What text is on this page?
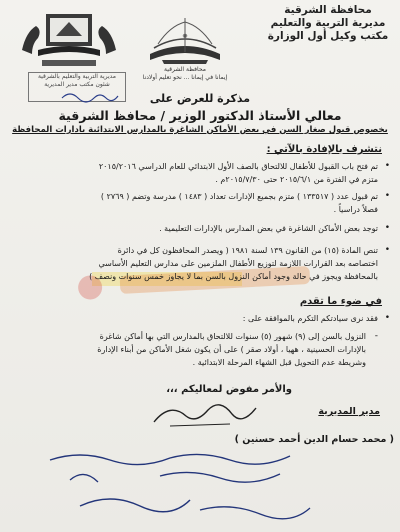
محافظة الشرقية
مديرية التربية والتعليم
مكتب وكيل أول الوزارة
❁
محافظة الشرقية
إيمانا في إيمانا ... نحو تعليم أولادنا
مديرية التربية والتعليم بالشرقية
شئون مكتب مدير المديرية
مذكرة للعرض على
معالي الأستاذ الدكتور الوزير / محافظ الشرقية
بخصوص قبول صغار السن في بعض الأماكن الشاغرة بالمدارس الابتدائية بادارات المحافظة
نتشرف بالإفادة بالآتي :
•
تم فتح باب القبول للأطفال للالتحاق بالصف الأول الابتدائي للعام الدراسي ٢٠١٥/٢٠١٦
متزم في الفترة من ٢٠١٥/٦/١ حتى ٢٠١٥/٧/٣٠م .
•
تم قبول عدد ( ١٣٣٥١٧ ) متزم بجميع الإدارات تعداد ( ١٤٨٣ ) مدرسة وتضم ( ٢٧٦٩ )
فصلاً دراسياً .
•
توجد بعض الأماكن الشاغرة في بعض المدارس بالإدارات التعليمية .
•
تنص المادة (١٥) من القانون ١٣٩ لسنة ١٩٨١ ( ويصدر المحافظون كل في دائرة
اختصاصه بعد القرارات اللازمة لتوزيع الأطفال الملزمين على مدارس التعليم الأساسي
بالمحافظة ويجوز في حالة وجود أماكن النزول بالسن بما لا يجاوز خمس سنوات ونصف )
في ضوء ما تقدم
•
فقد نرى سيادتكم التكرم بالموافقة على :
-
النزول بالسن إلى (٩) شهور (٥) سنوات للالتحاق بالمدارس التي بها أماكن شاغرة
بالإدارات الحسينية ، ههيا ، أولاد صقر ) على أن يكون شغل الأماكن من أبناء الإدارة
وشريطة عدم التحويل قبل الشهاء المرحلة الابتدائية .
والأمر مفوض لمعاليكم ،،،
مدير المديرية
( محمد حسام الدين أحمد حسنين )
